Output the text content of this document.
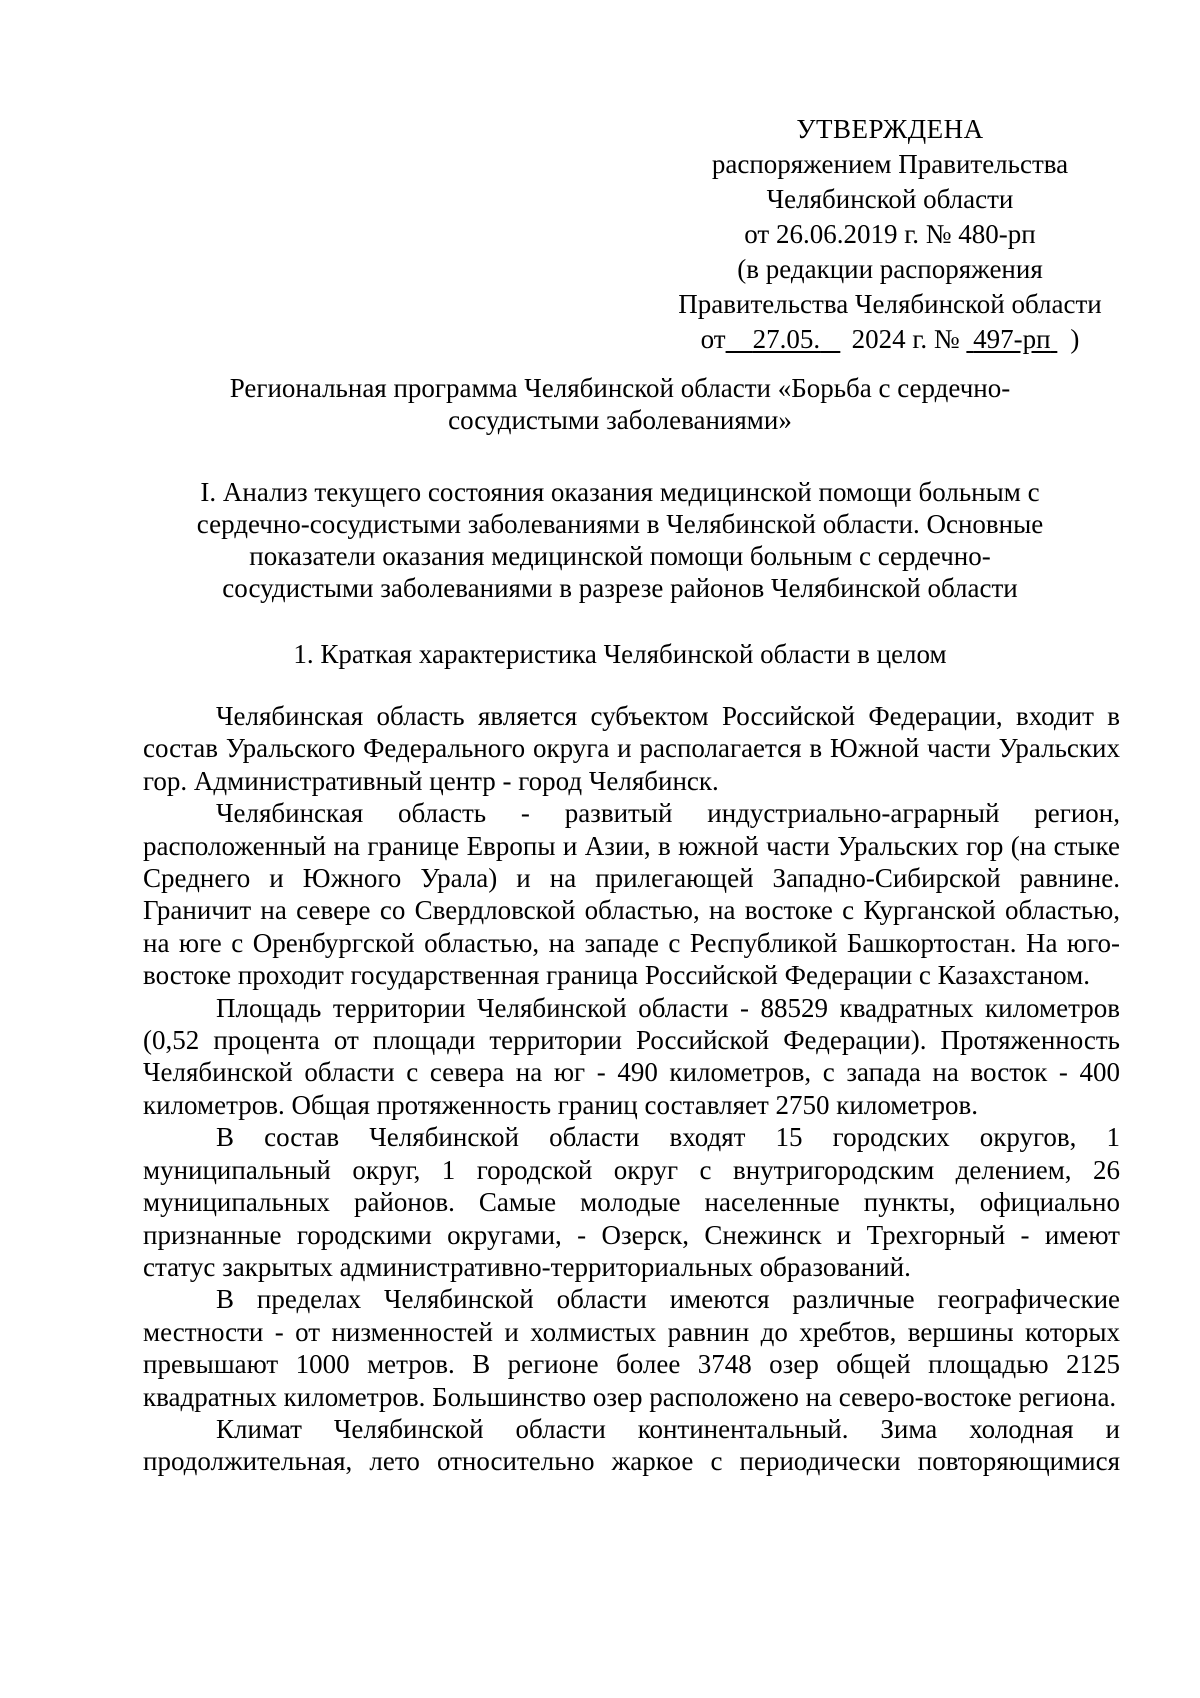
УТВЕРЖДЕНА
распоряжением Правительства
Челябинской области
от 26.06.2019 г. № 480-рп
(в редакции распоряжения
Правительства Челябинской области
от 27.05. 2024 г. № 497-рп )
Региональная программа Челябинской области «Борьба с сердечно-
сосудистыми заболеваниями»
I. Анализ текущего состояния оказания медицинской помощи больным с
сердечно-сосудистыми заболеваниями в Челябинской области. Основные
показатели оказания медицинской помощи больным с сердечно-
сосудистыми заболеваниями в разрезе районов Челябинской области
1. Краткая характеристика Челябинской области в целом

Челябинская область является субъектом Российской Федерации, входит в состав Уральского Федерального округа и располагается в Южной части Уральских гор. Административный центр - город Челябинск.

Челябинская область - развитый индустриально-аграрный регион, расположенный на границе Европы и Азии, в южной части Уральских гор (на стыке Среднего и Южного Урала) и на прилегающей Западно-Сибирской равнине. Граничит на севере со Свердловской областью, на востоке с Курганской областью, на юге с Оренбургской областью, на западе с Республикой Башкортостан. На юго-востоке проходит государственная граница Российской Федерации с Казахстаном.

Площадь территории Челябинской области - 88529 квадратных километров (0,52 процента от площади территории Российской Федерации). Протяженность Челябинской области с севера на юг - 490 километров, с запада на восток - 400 километров. Общая протяженность границ составляет 2750 километров.

В состав Челябинской области входят 15 городских округов, 1 муниципальный округ, 1 городской округ с внутригородским делением, 26 муниципальных районов. Самые молодые населенные пункты, официально признанные городскими округами, - Озерск, Снежинск и Трехгорный - имеют статус закрытых административно-территориальных образований.

В пределах Челябинской области имеются различные географические местности - от низменностей и холмистых равнин до хребтов, вершины которых превышают 1000 метров. В регионе более 3748 озер общей площадью 2125 квадратных километров. Большинство озер расположено на северо-востоке региона.

Климат Челябинской области континентальный. Зима холодная и продолжительная, лето относительно жаркое с периодически повторяющимися
